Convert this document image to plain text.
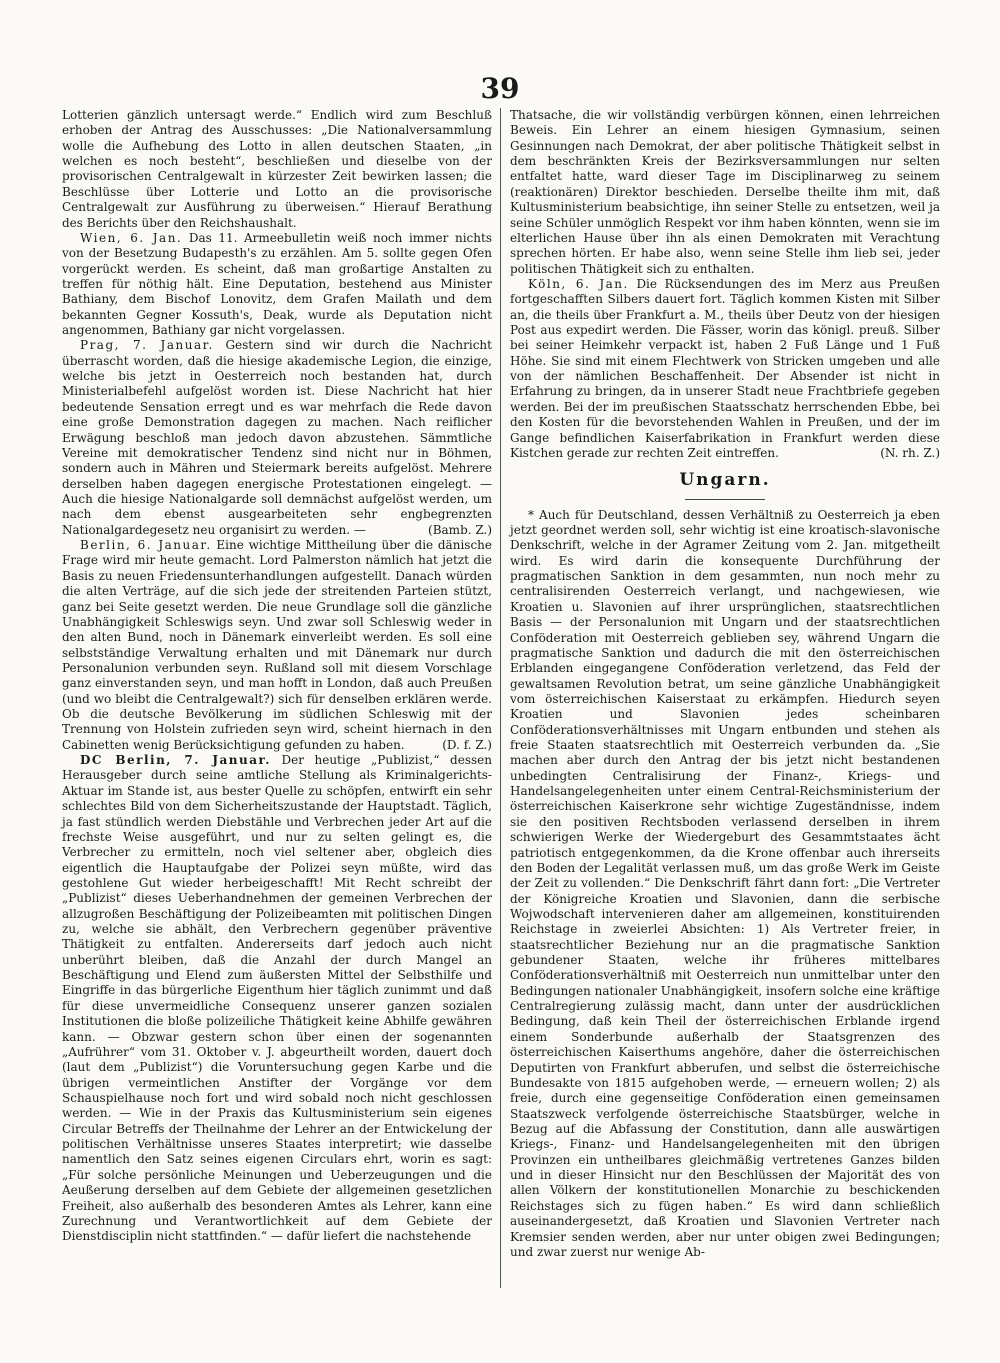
39

Lotterien gänzlich untersagt werde.“ Endlich wird zum Beschluß erhoben der Antrag des Ausschusses: „Die Nationalversammlung wolle die Aufhebung des Lotto in allen deutschen Staaten, „in welchen es noch besteht“, beschließen und dieselbe von der provisorischen Centralgewalt in kürzester Zeit bewirken lassen; die Beschlüsse über Lotterie und Lotto an die provisorische Centralgewalt zur Ausführung zu überweisen.“ Hierauf Berathung des Berichts über den Reichshaushalt.

Wien, 6. Jan. Das 11. Armeebulletin weiß noch immer nichts von der Besetzung Budapesth's zu erzählen. Am 5. sollte gegen Ofen vorgerückt werden. Es scheint, daß man großartige Anstalten zu treffen für nöthig hält. Eine Deputation, bestehend aus Minister Bathiany, dem Bischof Lonovitz, dem Grafen Mailath und dem bekannten Gegner Kossuth's, Deak, wurde als Deputation nicht angenommen, Bathiany gar nicht vorgelassen.

Prag, 7. Januar. Gestern sind wir durch die Nachricht überrascht worden, daß die hiesige akademische Legion, die einzige, welche bis jetzt in Oesterreich noch bestanden hat, durch Ministerialbefehl aufgelöst worden ist. Diese Nachricht hat hier bedeutende Sensation erregt und es war mehrfach die Rede davon eine große Demonstration dagegen zu machen. Nach reiflicher Erwägung beschloß man jedoch davon abzustehen. Sämmtliche Vereine mit demokratischer Tendenz sind nicht nur in Böhmen, sondern auch in Mähren und Steiermark bereits aufgelöst. Mehrere derselben haben dagegen energische Protestationen eingelegt. — Auch die hiesige Nationalgarde soll demnächst aufgelöst werden, um nach dem ebenst ausgearbeiteten sehr engbegrenzten Nationalgardegesetz neu organisirt zu werden. —	(Bamb. Z.)

Berlin, 6. Januar. Eine wichtige Mittheilung über die dänische Frage wird mir heute gemacht. Lord Palmerston nämlich hat jetzt die Basis zu neuen Friedensunterhandlungen aufgestellt. Danach würden die alten Verträge, auf die sich jede der streitenden Parteien stützt, ganz bei Seite gesetzt werden. Die neue Grundlage soll die gänzliche Unabhängigkeit Schleswigs seyn. Und zwar soll Schleswig weder in den alten Bund, noch in Dänemark einverleibt werden. Es soll eine selbstständige Verwaltung erhalten und mit Dänemark nur durch Personalunion verbunden seyn. Rußland soll mit diesem Vorschlage ganz einverstanden seyn, und man hofft in London, daß auch Preußen (und wo bleibt die Centralgewalt?) sich für denselben erklären werde. Ob die deutsche Bevölkerung im südlichen Schleswig mit der Trennung von Holstein zufrieden seyn wird, scheint hiernach in den Cabinetten wenig Berücksichtigung gefunden zu haben.	(D. f. Z.)

DC Berlin, 7. Januar. Der heutige „Publizist,“ dessen Herausgeber durch seine amtliche Stellung als Kriminalgerichts-Aktuar im Stande ist, aus bester Quelle zu schöpfen, entwirft ein sehr schlechtes Bild von dem Sicherheitszustande der Hauptstadt. Täglich, ja fast stündlich werden Diebstähle und Verbrechen jeder Art auf die frechste Weise ausgeführt, und nur zu selten gelingt es, die Verbrecher zu ermitteln, noch viel seltener aber, obgleich dies eigentlich die Hauptaufgabe der Polizei seyn müßte, wird das gestohlene Gut wieder herbeigeschafft! Mit Recht schreibt der „Publizist“ dieses Ueberhandnehmen der gemeinen Verbrechen der allzugroßen Beschäftigung der Polizeibeamten mit politischen Dingen zu, welche sie abhält, den Verbrechern gegenüber präventive Thätigkeit zu entfalten. Andererseits darf jedoch auch nicht unberührt bleiben, daß die Anzahl der durch Mangel an Beschäftigung und Elend zum äußersten Mittel der Selbsthilfe und Eingriffe in das bürgerliche Eigenthum hier täglich zunimmt und daß für diese unvermeidliche Consequenz unserer ganzen sozialen Institutionen die bloße polizeiliche Thätigkeit keine Abhilfe gewähren kann. — Obzwar gestern schon über einen der sogenannten „Aufrührer“ vom 31. Oktober v. J. abgeurtheilt worden, dauert doch (laut dem „Publizist“) die Voruntersuchung gegen Karbe und die übrigen vermeintlichen Anstifter der Vorgänge vor dem Schauspielhause noch fort und wird sobald noch nicht geschlossen werden. — Wie in der Praxis das Kultusministerium sein eigenes Circular Betreffs der Theilnahme der Lehrer an der Entwickelung der politischen Verhältnisse unseres Staates interpretirt; wie dasselbe namentlich den Satz seines eigenen Circulars ehrt, worin es sagt: „Für solche persönliche Meinungen und Ueberzeugungen und die Aeußerung derselben auf dem Gebiete der allgemeinen gesetzlichen Freiheit, also außerhalb des besonderen Amtes als Lehrer, kann eine Zurechnung und Verantwortlichkeit auf dem Gebiete der Dienstdisciplin nicht stattfinden.“ — dafür liefert die nachstehende

Thatsache, die wir vollständig verbürgen können, einen lehrreichen Beweis. Ein Lehrer an einem hiesigen Gymnasium, seinen Gesinnungen nach Demokrat, der aber politische Thätigkeit selbst in dem beschränkten Kreis der Bezirksversammlungen nur selten entfaltet hatte, ward dieser Tage im Disciplinarweg zu seinem (reaktionären) Direktor beschieden. Derselbe theilte ihm mit, daß Kultusministerium beabsichtige, ihn seiner Stelle zu entsetzen, weil ja seine Schüler unmöglich Respekt vor ihm haben könnten, wenn sie im elterlichen Hause über ihn als einen Demokraten mit Verachtung sprechen hörten. Er habe also, wenn seine Stelle ihm lieb sei, jeder politischen Thätigkeit sich zu enthalten.

Köln, 6. Jan. Die Rücksendungen des im Merz aus Preußen fortgeschafften Silbers dauert fort. Täglich kommen Kisten mit Silber an, die theils über Frankfurt a. M., theils über Deutz von der hiesigen Post aus expedirt werden. Die Fässer, worin das königl. preuß. Silber bei seiner Heimkehr verpackt ist, haben 2 Fuß Länge und 1 Fuß Höhe. Sie sind mit einem Flechtwerk von Stricken umgeben und alle von der nämlichen Beschaffenheit. Der Absender ist nicht in Erfahrung zu bringen, da in unserer Stadt neue Frachtbriefe gegeben werden. Bei der im preußischen Staatsschatz herrschenden Ebbe, bei den Kosten für die bevorstehenden Wahlen in Preußen, und der im Gange befindlichen Kaiserfabrikation in Frankfurt werden diese Kistchen gerade zur rechten Zeit eintreffen.	(N. rh. Z.)

Ungarn.

* Auch für Deutschland, dessen Verhältniß zu Oesterreich ja eben jetzt geordnet werden soll, sehr wichtig ist eine kroatisch-slavonische Denkschrift, welche in der Agramer Zeitung vom 2. Jan. mitgetheilt wird. Es wird darin die konsequente Durchführung der pragmatischen Sanktion in dem gesammten, nun noch mehr zu centralisirenden Oesterreich verlangt, und nachgewiesen, wie Kroatien u. Slavonien auf ihrer ursprünglichen, staatsrechtlichen Basis — der Personalunion mit Ungarn und der staatsrechtlichen Conföderation mit Oesterreich geblieben sey, während Ungarn die pragmatische Sanktion und dadurch die mit den österreichischen Erblanden eingegangene Conföderation verletzend, das Feld der gewaltsamen Revolution betrat, um seine gänzliche Unabhängigkeit vom österreichischen Kaiserstaat zu erkämpfen. Hiedurch seyen Kroatien und Slavonien jedes scheinbaren Conföderationsverhältnisses mit Ungarn entbunden und stehen als freie Staaten staatsrechtlich mit Oesterreich verbunden da. „Sie machen aber durch den Antrag der bis jetzt nicht bestandenen unbedingten Centralisirung der Finanz-, Kriegs- und Handelsangelegenheiten unter einem Central-Reichsministerium der österreichischen Kaiserkrone sehr wichtige Zugeständnisse, indem sie den positiven Rechtsboden verlassend derselben in ihrem schwierigen Werke der Wiedergeburt des Gesammtstaates ächt patriotisch entgegenkommen, da die Krone offenbar auch ihrerseits den Boden der Legalität verlassen muß, um das große Werk im Geiste der Zeit zu vollenden.“ Die Denkschrift fährt dann fort: „Die Vertreter der Königreiche Kroatien und Slavonien, dann die serbische Wojwodschaft intervenieren daher am allgemeinen, konstituirenden Reichstage in zweierlei Absichten: 1) Als Vertreter freier, in staatsrechtlicher Beziehung nur an die pragmatische Sanktion gebundener Staaten, welche ihr früheres mittelbares Conföderationsverhältniß mit Oesterreich nun unmittelbar unter den Bedingungen nationaler Unabhängigkeit, insofern solche eine kräftige Centralregierung zulässig macht, dann unter der ausdrücklichen Bedingung, daß kein Theil der österreichischen Erblande irgend einem Sonderbunde außerhalb der Staatsgrenzen des österreichischen Kaiserthums angehöre, daher die österreichischen Deputirten von Frankfurt abberufen, und selbst die österreichische Bundesakte von 1815 aufgehoben werde, — erneuern wollen; 2) als freie, durch eine gegenseitige Conföderation einen gemeinsamen Staatszweck verfolgende österreichische Staatsbürger, welche in Bezug auf die Abfassung der Constitution, dann alle auswärtigen Kriegs-, Finanz- und Handelsangelegenheiten mit den übrigen Provinzen ein untheilbares gleichmäßig vertretenes Ganzes bilden und in dieser Hinsicht nur den Beschlüssen der Majorität des von allen Völkern der konstitutionellen Monarchie zu beschickenden Reichstages sich zu fügen haben.“ Es wird dann schließlich auseinandergesetzt, daß Kroatien und Slavonien Vertreter nach Kremsier senden werden, aber nur unter obigen zwei Bedingungen; und zwar zuerst nur wenige Ab-
